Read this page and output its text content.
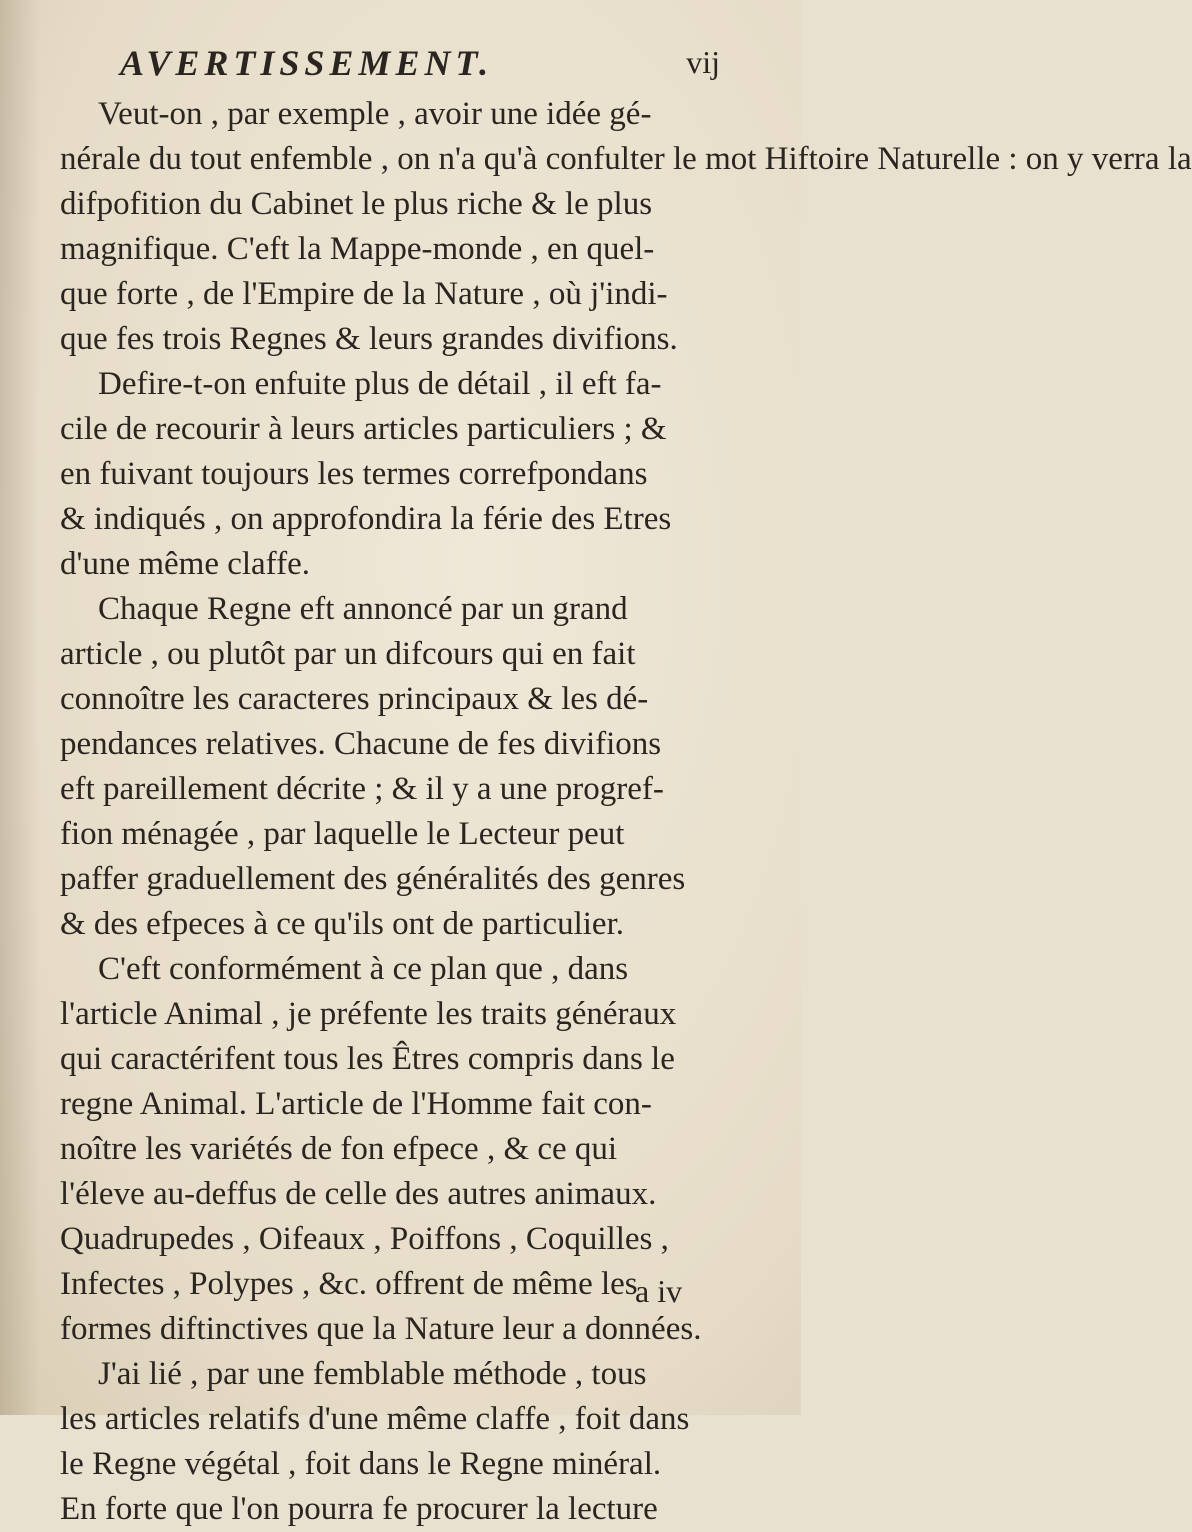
AVERTISSEMENT.	vij
Veut-on , par exemple , avoir une idée gé-
nérale du tout enfemble , on n'a qu'à confulter le mot Hiftoire Naturelle : on y verra la
difpofition du Cabinet le plus riche & le plus
magnifique. C'eft la Mappe-monde , en quel-
que forte , de l'Empire de la Nature , où j'indi-
que fes trois Regnes & leurs grandes divifions.
Defire-t-on enfuite plus de détail , il eft fa-
cile de recourir à leurs articles particuliers ; &
en fuivant toujours les termes correfpondans
& indiqués , on approfondira la férie des Etres
d'une même claffe.
Chaque Regne eft annoncé par un grand
article , ou plutôt par un difcours qui en fait
connoître les caracteres principaux & les dé-
pendances relatives. Chacune de fes divifions
eft pareillement décrite ; & il y a une progref-
fion ménagée , par laquelle le Lecteur peut
paffer graduellement des généralités des genres
& des efpeces à ce qu'ils ont de particulier.
C'eft conformément à ce plan que , dans
l'article Animal , je préfente les traits généraux
qui caractérifent tous les Êtres compris dans le
regne Animal. L'article de l'Homme fait con-
noître les variétés de fon efpece , & ce qui
l'éleve au-deffus de celle des autres animaux.
Quadrupedes , Oifeaux , Poiffons , Coquilles ,
Infectes , Polypes , &c. offrent de même les
formes diftinctives que la Nature leur a données.
J'ai lié , par une femblable méthode , tous
les articles relatifs d'une même claffe , foit dans
le Regne végétal , foit dans le Regne minéral.
En forte que l'on pourra fe procurer la lecture
a iv
